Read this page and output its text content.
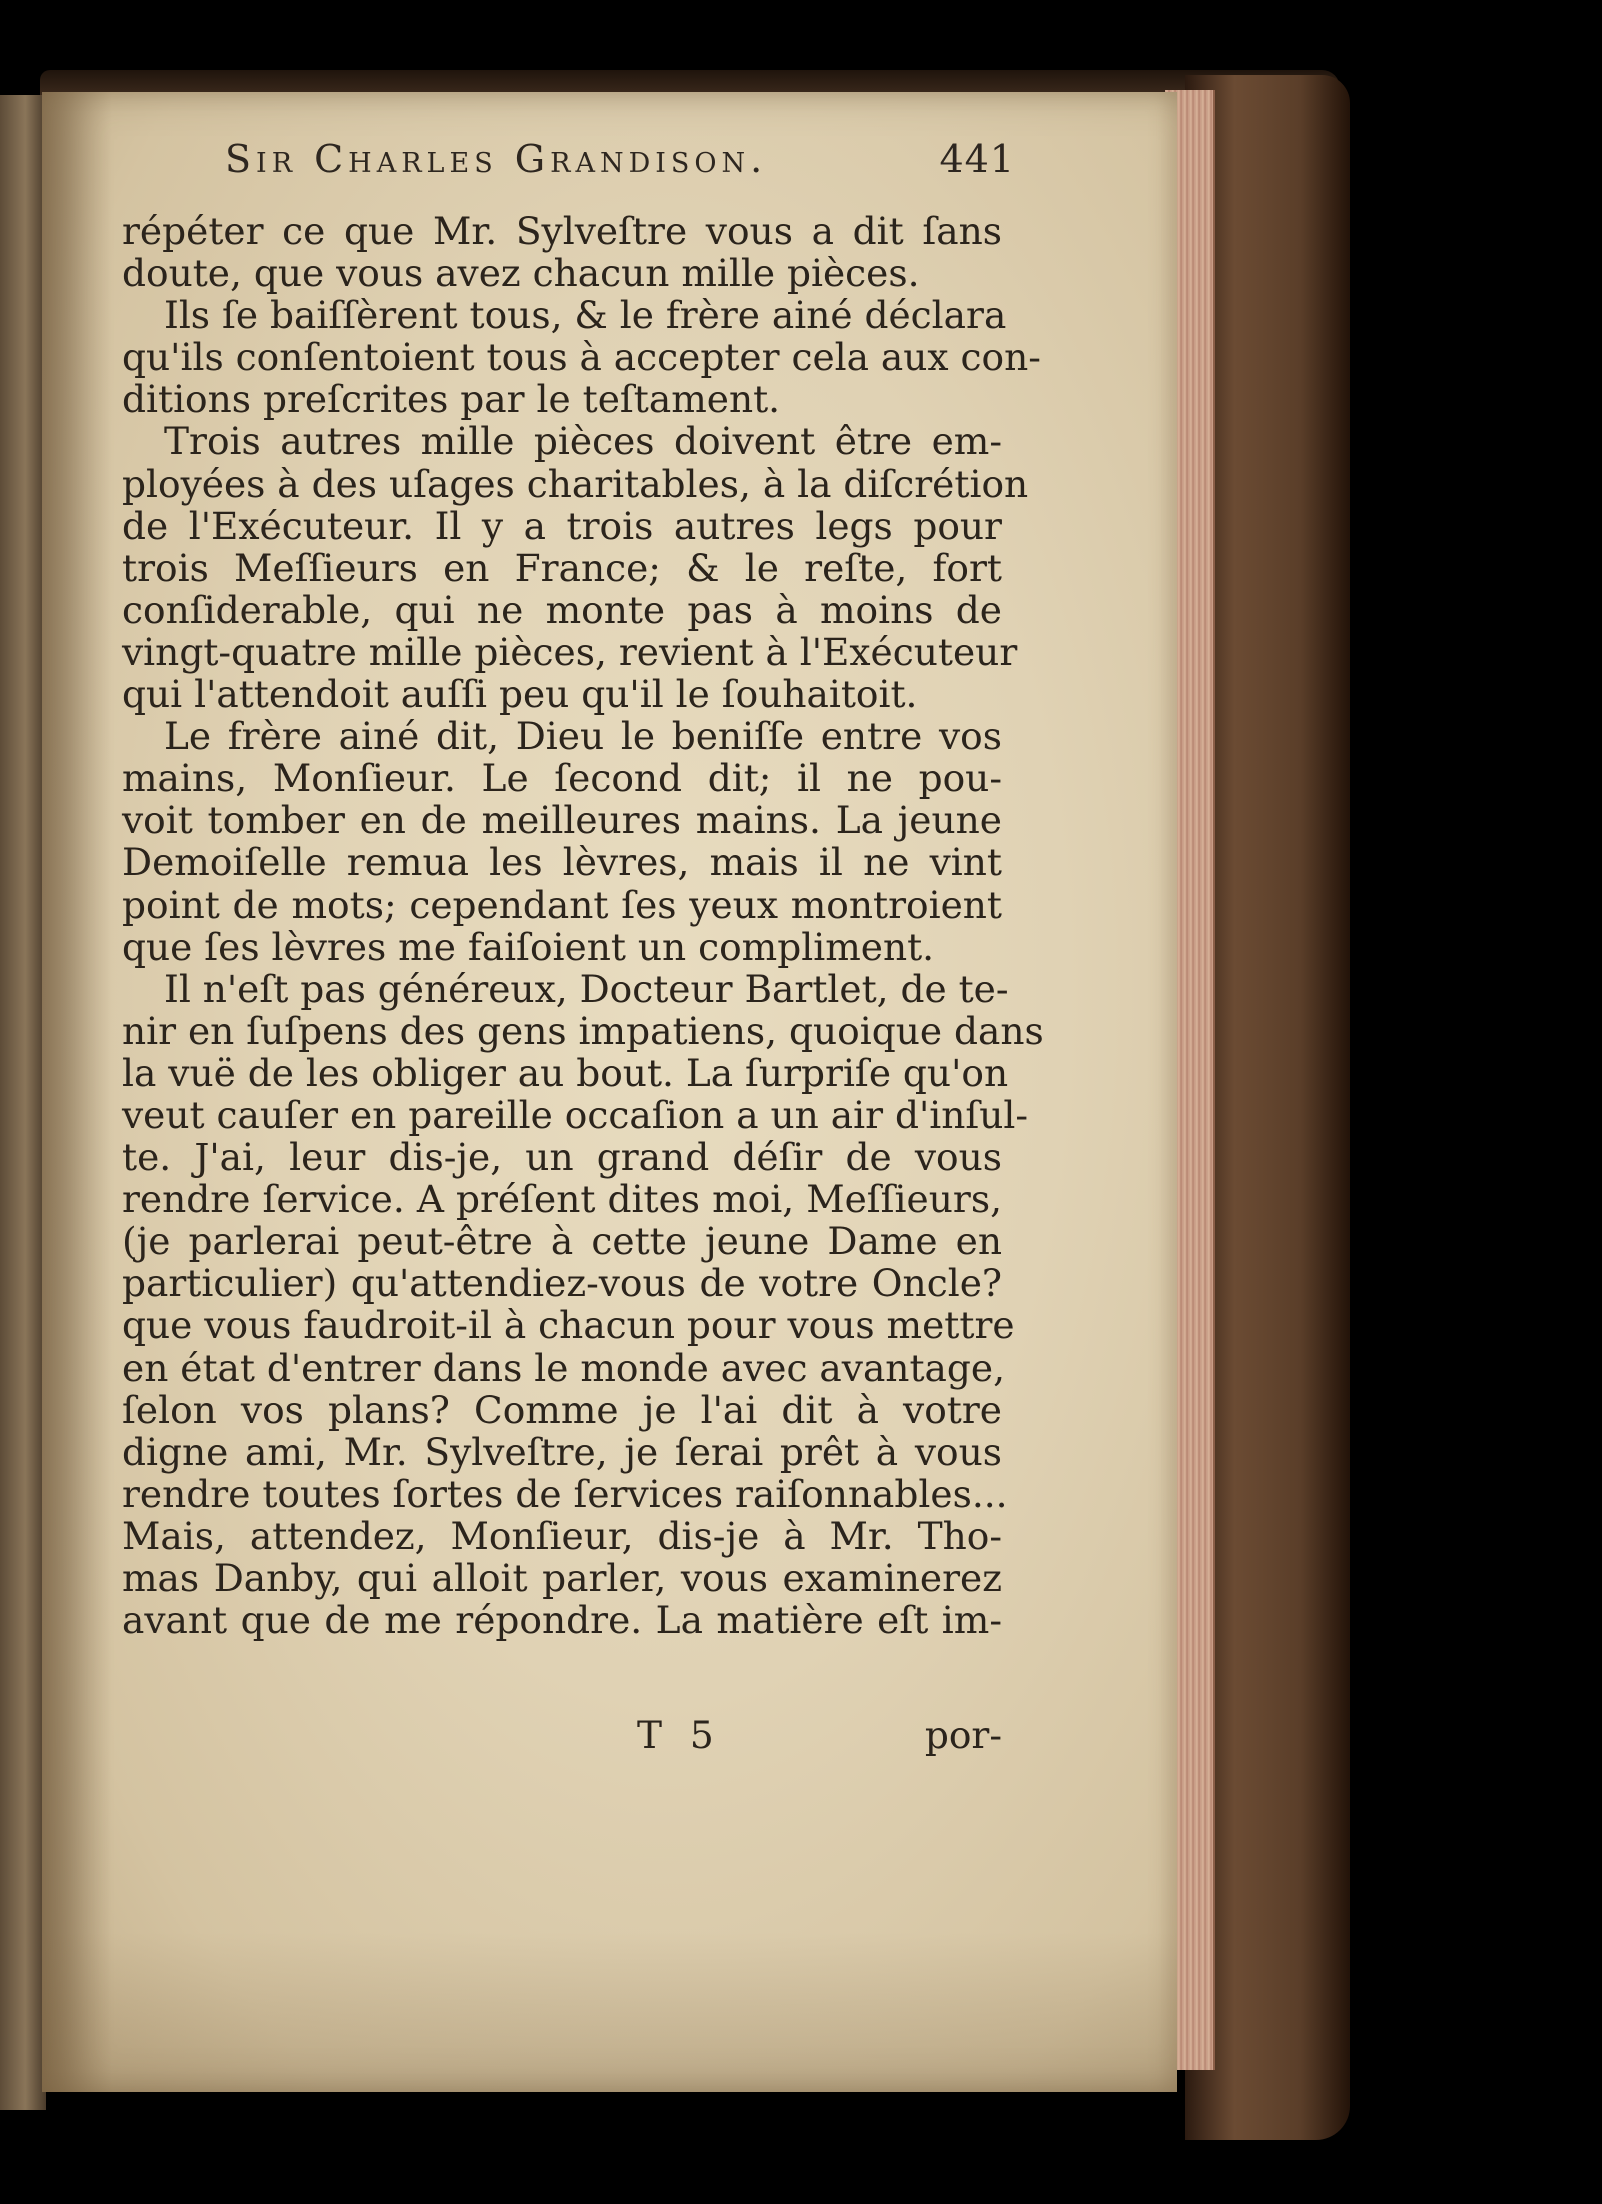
Sir Charles Grandison.	441
répéter ce que Mr. Sylveſtre vous a dit ſans
doute, que vous avez chacun mille pièces.
Ils ſe baiſſèrent tous, & le frère ainé déclara
qu'ils conſentoient tous à accepter cela aux con-
ditions preſcrites par le teſtament.
Trois autres mille pièces doivent être em-
ployées à des uſages charitables, à la diſcrétion
de l'Exécuteur. Il y a trois autres legs pour
trois Meſſieurs en France; & le reſte, fort
conſiderable, qui ne monte pas à moins de
vingt-quatre mille pièces, revient à l'Exécuteur
qui l'attendoit auſſi peu qu'il le ſouhaitoit.
Le frère ainé dit, Dieu le beniſſe entre vos
mains, Monſieur. Le ſecond dit; il ne pou-
voit tomber en de meilleures mains. La jeune
Demoiſelle remua les lèvres, mais il ne vint
point de mots; cependant ſes yeux montroient
que ſes lèvres me faiſoient un compliment.
Il n'eſt pas généreux, Docteur Bartlet, de te-
nir en ſuſpens des gens impatiens, quoique dans
la vuë de les obliger au bout. La ſurpriſe qu'on
veut cauſer en pareille occaſion a un air d'inſul-
te. J'ai, leur dis-je, un grand déſir de vous
rendre ſervice. A préſent dites moi, Meſſieurs,
(je parlerai peut-être à cette jeune Dame en
particulier) qu'attendiez-vous de votre Oncle?
que vous faudroit-il à chacun pour vous mettre
en état d'entrer dans le monde avec avantage,
ſelon vos plans? Comme je l'ai dit à votre
digne ami, Mr. Sylveſtre, je ſerai prêt à vous
rendre toutes ſortes de ſervices raiſonnables...
Mais, attendez, Monſieur, dis-je à Mr. Tho-
mas Danby, qui alloit parler, vous examinerez
avant que de me répondre. La matière eſt im-
T 5	por-
